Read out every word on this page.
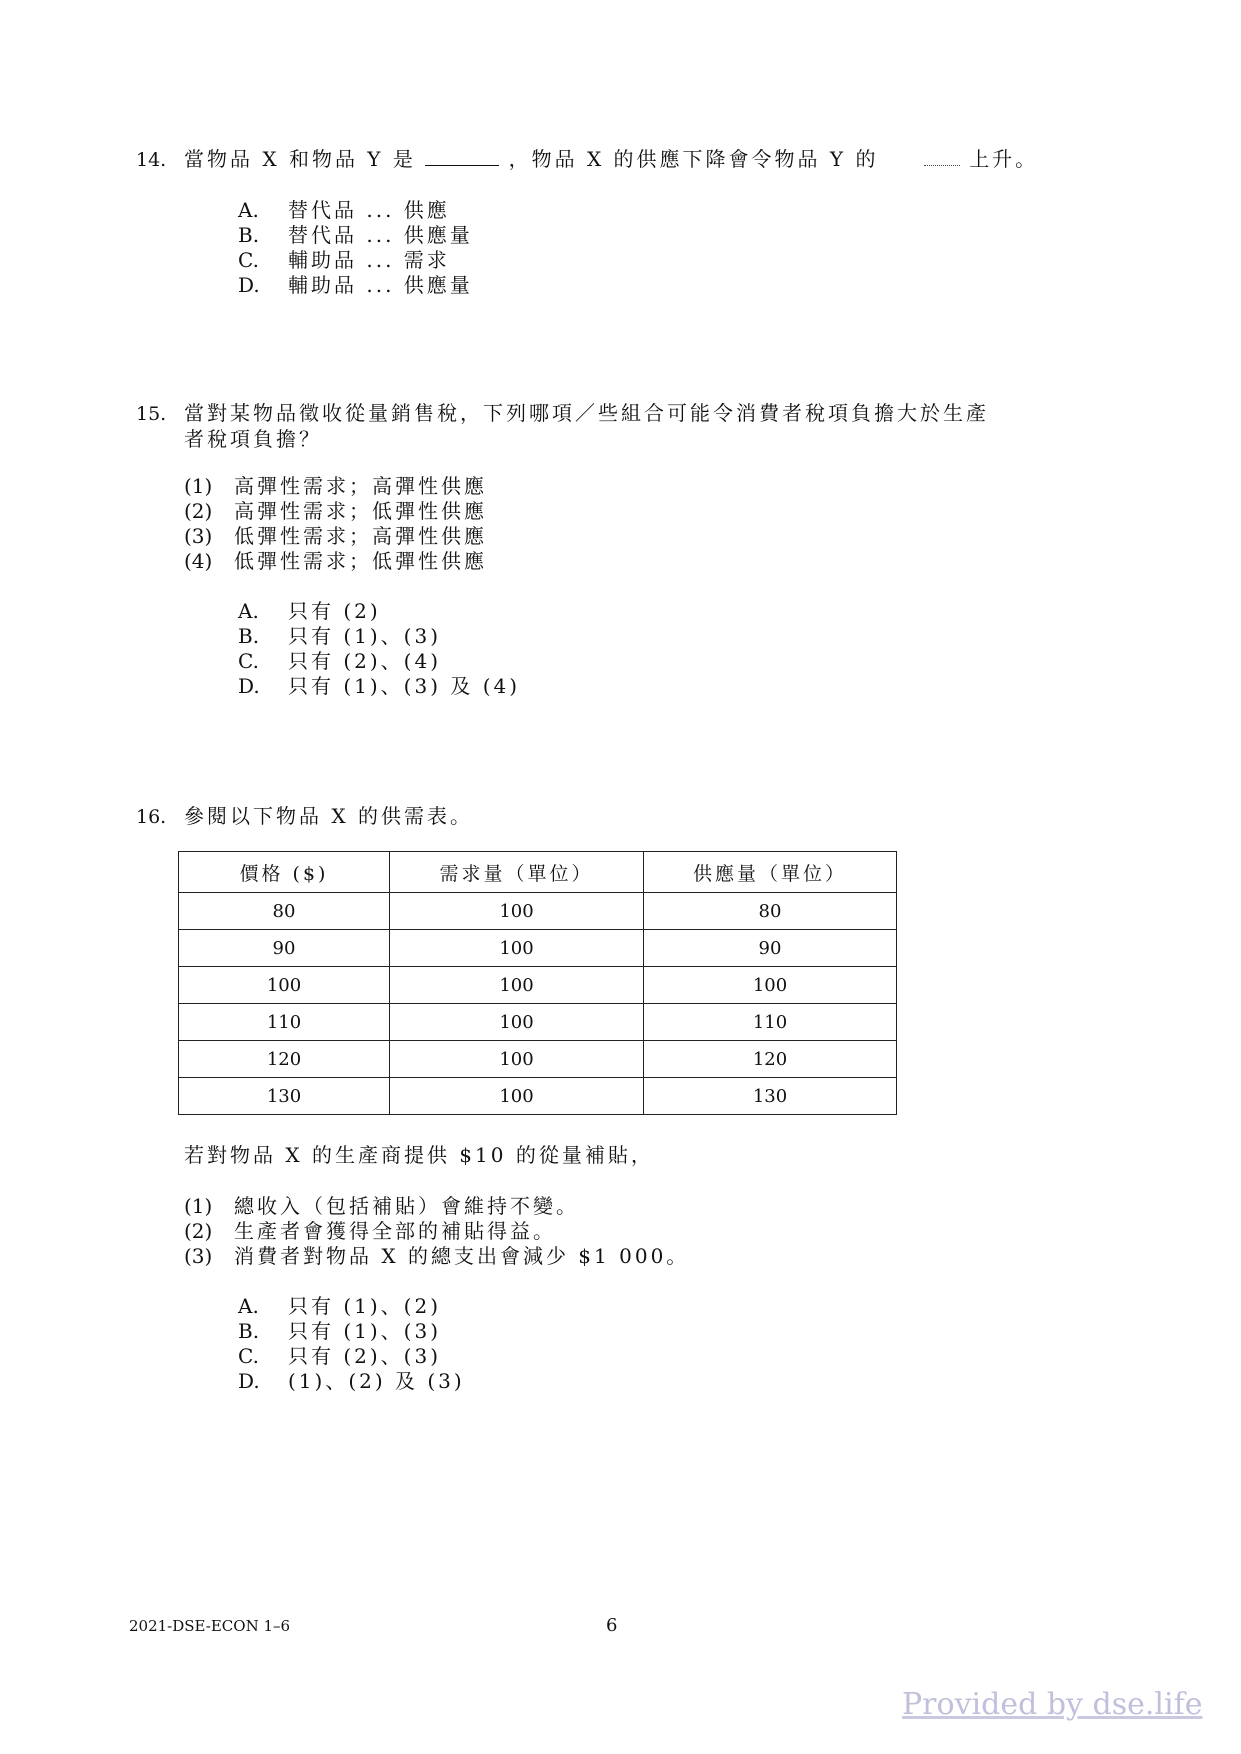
14. 當物品 X 和物品 Y 是	，物品 X 的供應下降會令物品 Y 的	上升。
A. 替代品 ... 供應
B. 替代品 ... 供應量
C. 輔助品 ... 需求
D. 輔助品 ... 供應量
15. 當對某物品徵收從量銷售稅，下列哪項／些組合可能令消費者稅項負擔大於生產
者稅項負擔？
(1) 高彈性需求；高彈性供應
(2) 高彈性需求；低彈性供應
(3) 低彈性需求；高彈性供應
(4) 低彈性需求；低彈性供應
A. 只有 (2)
B. 只有 (1)、(3)
C. 只有 (2)、(4)
D. 只有 (1)、(3) 及 (4)
16. 參閱以下物品 X 的供需表。
價格 ($)	需求量（單位）	供應量（單位）
80	100	80
90	100	90
100	100	100
110	100	110
120	100	120
130	100	130
若對物品 X 的生產商提供 $10 的從量補貼，
(1) 總收入（包括補貼）會維持不變。
(2) 生產者會獲得全部的補貼得益。
(3) 消費者對物品 X 的總支出會減少 $1 000。
A. 只有 (1)、(2)
B. 只有 (1)、(3)
C. 只有 (2)、(3)
D. (1)、(2) 及 (3)
2021-DSE-ECON 1–6	6
Provided by dse.life
